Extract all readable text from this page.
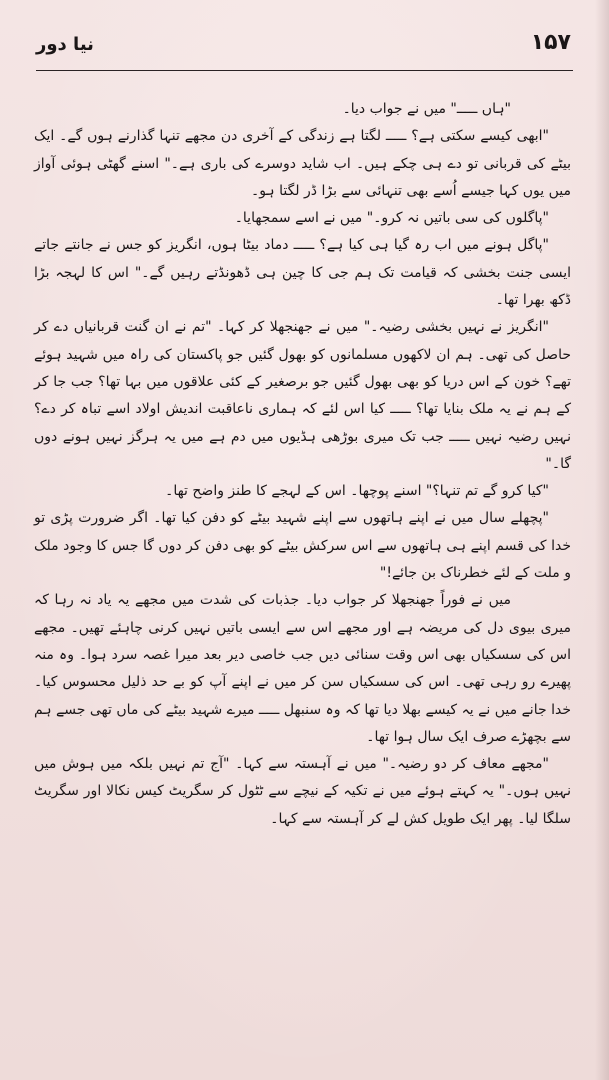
۱۵۷
نیا دور

"ہاں ـــــ" میں نے جواب دیا۔

"ابھی کیسے سکتی ہے؟ ـــــ لگتا ہے زندگی کے آخری دن مجھے تنہا گذارنے ہوں گے۔ ایک بیٹے کی قربانی تو دے ہی چکے ہیں۔ اب شاید دوسرے کی باری ہے۔" اسنے گھٹی ہوئی آواز میں یوں کہا جیسے اُسے بھی تنہائی سے بڑا ڈر لگتا ہو۔

"پاگلوں کی سی باتیں نہ کرو۔" میں نے اسے سمجھایا۔

"پاگل ہونے میں اب رہ گیا ہی کیا ہے؟ ـــــ دماد بیٹا ہوں، انگریز کو جس نے جانتے جاتے ایسی جنت بخشی کہ قیامت تک ہم جی کا چین ہی ڈھونڈتے رہیں گے۔" اس کا لہجہ بڑا ڈکھ بھرا تھا۔

"انگریز نے نہیں بخشی رضیہ۔" میں نے جھنجھلا کر کہا۔ "تم نے ان گنت قربانیاں دے کر حاصل کی تھی۔ ہم ان لاکھوں مسلمانوں کو بھول گئیں جو پاکستان کی راہ میں شہید ہوئے تھے؟ خون کے اس دریا کو بھی بھول گئیں جو برصغیر کے کئی علاقوں میں بہا تھا؟ جب جا کر کے ہم نے یہ ملک بنایا تھا؟ ـــــ کیا اس لئے کہ ہماری ناعاقبت اندیش اولاد اسے تباہ کر دے؟ نہیں رضیہ نہیں ـــــ جب تک میری بوڑھی ہڈیوں میں دم ہے میں یہ ہرگز نہیں ہونے دوں گا۔"

"کیا کرو گے تم تنہا؟" اسنے پوچھا۔ اس کے لہجے کا طنز واضح تھا۔

"پچھلے سال میں نے اپنے ہاتھوں سے اپنے شہید بیٹے کو دفن کیا تھا۔ اگر ضرورت پڑی تو خدا کی قسم اپنے ہی ہاتھوں سے اس سرکش بیٹے کو بھی دفن کر دوں گا جس کا وجود ملک و ملت کے لئے خطرناک بن جائے!"

میں نے فوراً جھنجھلا کر جواب دیا۔ جذبات کی شدت میں مجھے یہ یاد نہ رہا کہ میری بیوی دل کی مریضہ ہے اور مجھے اس سے ایسی باتیں نہیں کرنی چاہئے تھیں۔ مجھے اس کی سسکیاں بھی اس وقت سنائی دیں جب خاصی دیر بعد میرا غصہ سرد ہوا۔ وہ منہ پھیرے رو رہی تھی۔ اس کی سسکیاں سن کر میں نے اپنے آپ کو بے حد ذلیل محسوس کیا۔ خدا جانے میں نے یہ کیسے بھلا دیا تھا کہ وہ سنبھل ـــــ میرے شہید بیٹے کی ماں تھی جسے ہم سے بچھڑے صرف ایک سال ہوا تھا۔

"مجھے معاف کر دو رضیہ۔" میں نے آہستہ سے کہا۔ "آج تم نہیں بلکہ میں ہوش میں نہیں ہوں۔" یہ کہتے ہوئے میں نے تکیہ کے نیچے سے ٹٹول کر سگریٹ کیس نکالا اور سگریٹ سلگا لیا۔ پھر ایک طویل کش لے کر آہستہ سے کہا۔
